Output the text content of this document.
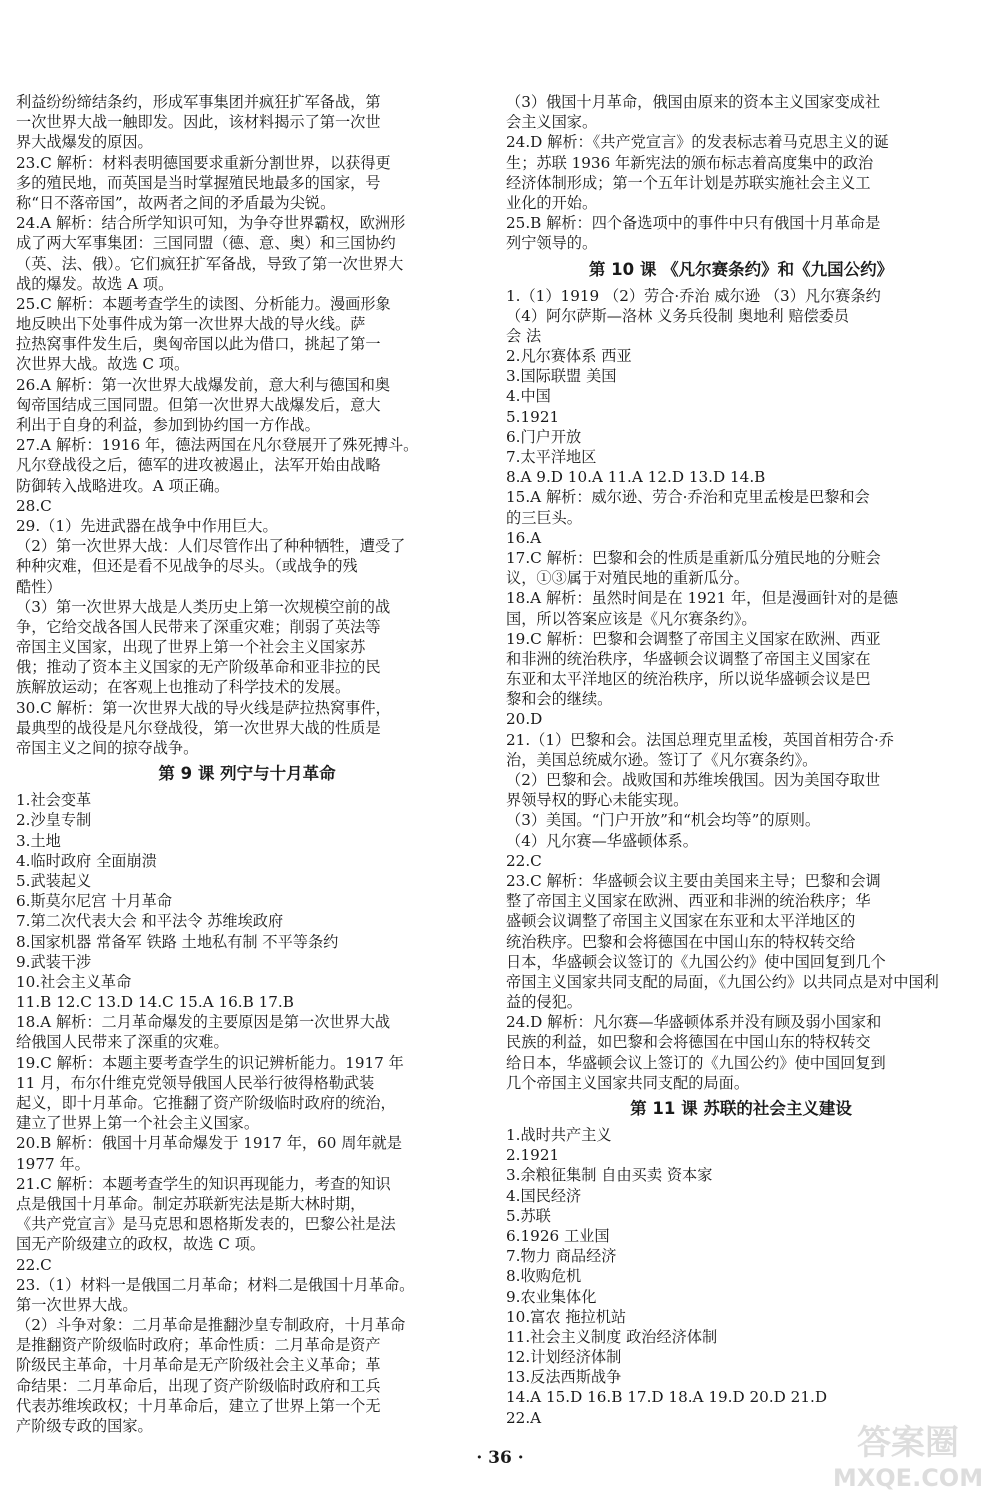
利益纷纷缔结条约，形成军事集团并疯狂扩军备战，第
一次世界大战一触即发。因此，该材料揭示了第一次世
界大战爆发的原因。
23.C 解析：材料表明德国要求重新分割世界，以获得更
多的殖民地，而英国是当时掌握殖民地最多的国家，号
称“日不落帝国”，故两者之间的矛盾最为尖锐。
24.A 解析：结合所学知识可知，为争夺世界霸权，欧洲形
成了两大军事集团：三国同盟（德、意、奥）和三国协约
（英、法、俄）。它们疯狂扩军备战，导致了第一次世界大
战的爆发。故选 A 项。
25.C 解析：本题考查学生的读图、分析能力。漫画形象
地反映出下处事件成为第一次世界大战的导火线。萨
拉热窝事件发生后，奥匈帝国以此为借口，挑起了第一
次世界大战。故选 C 项。
26.A 解析：第一次世界大战爆发前，意大利与德国和奥
匈帝国结成三国同盟。但第一次世界大战爆发后，意大
利出于自身的利益，参加到协约国一方作战。
27.A 解析：1916 年，德法两国在凡尔登展开了殊死搏斗。
凡尔登战役之后，德军的进攻被遏止，法军开始由战略
防御转入战略进攻。A 项正确。
28.C
29.（1）先进武器在战争中作用巨大。
（2）第一次世界大战：人们尽管作出了种种牺牲，遭受了
种种灾难，但还是看不见战争的尽头。（或战争的残
酷性）
（3）第一次世界大战是人类历史上第一次规模空前的战
争，它给交战各国人民带来了深重灾难；削弱了英法等
帝国主义国家，出现了世界上第一个社会主义国家苏
俄；推动了资本主义国家的无产阶级革命和亚非拉的民
族解放运动；在客观上也推动了科学技术的发展。
30.C 解析：第一次世界大战的导火线是萨拉热窝事件，
最典型的战役是凡尔登战役，第一次世界大战的性质是
帝国主义之间的掠夺战争。
第 9 课 列宁与十月革命
1.社会变革
2.沙皇专制
3.土地
4.临时政府 全面崩溃
5.武装起义
6.斯莫尔尼宫 十月革命
7.第二次代表大会 和平法令 苏维埃政府
8.国家机器 常备军 铁路 土地私有制 不平等条约
9.武装干涉
10.社会主义革命
11.B 12.C 13.D 14.C 15.A 16.B 17.B
18.A 解析：二月革命爆发的主要原因是第一次世界大战
给俄国人民带来了深重的灾难。
19.C 解析：本题主要考查学生的识记辨析能力。1917 年
11 月，布尔什维克党领导俄国人民举行彼得格勒武装
起义，即十月革命。它推翻了资产阶级临时政府的统治，
建立了世界上第一个社会主义国家。
20.B 解析：俄国十月革命爆发于 1917 年，60 周年就是
1977 年。
21.C 解析：本题考查学生的知识再现能力，考查的知识
点是俄国十月革命。制定苏联新宪法是斯大林时期，
《共产党宣言》是马克思和恩格斯发表的，巴黎公社是法
国无产阶级建立的政权，故选 C 项。
22.C
23.（1）材料一是俄国二月革命；材料二是俄国十月革命。
第一次世界大战。
（2）斗争对象：二月革命是推翻沙皇专制政府，十月革命
是推翻资产阶级临时政府；革命性质：二月革命是资产
阶级民主革命，十月革命是无产阶级社会主义革命；革
命结果：二月革命后，出现了资产阶级临时政府和工兵
代表苏维埃政权；十月革命后，建立了世界上第一个无
产阶级专政的国家。
（3）俄国十月革命，俄国由原来的资本主义国家变成社
会主义国家。
24.D 解析：《共产党宣言》的发表标志着马克思主义的诞
生；苏联 1936 年新宪法的颁布标志着高度集中的政治
经济体制形成；第一个五年计划是苏联实施社会主义工
业化的开始。
25.B 解析：四个备选项中的事件中只有俄国十月革命是
列宁领导的。
第 10 课 《凡尔赛条约》和《九国公约》
1.（1）1919 （2）劳合·乔治 威尔逊 （3）凡尔赛条约
（4）阿尔萨斯—洛林 义务兵役制 奥地利 赔偿委员
会 法
2.凡尔赛体系 西亚
3.国际联盟 美国
4.中国
5.1921
6.门户开放
7.太平洋地区
8.A 9.D 10.A 11.A 12.D 13.D 14.B
15.A 解析：威尔逊、劳合·乔治和克里孟梭是巴黎和会
的三巨头。
16.A
17.C 解析：巴黎和会的性质是重新瓜分殖民地的分赃会
议，①③属于对殖民地的重新瓜分。
18.A 解析：虽然时间是在 1921 年，但是漫画针对的是德
国，所以答案应该是《凡尔赛条约》。
19.C 解析：巴黎和会调整了帝国主义国家在欧洲、西亚
和非洲的统治秩序，华盛顿会议调整了帝国主义国家在
东亚和太平洋地区的统治秩序，所以说华盛顿会议是巴
黎和会的继续。
20.D
21.（1）巴黎和会。法国总理克里孟梭，英国首相劳合·乔
治，美国总统威尔逊。签订了《凡尔赛条约》。
（2）巴黎和会。战败国和苏维埃俄国。因为美国夺取世
界领导权的野心未能实现。
（3）美国。“门户开放”和“机会均等”的原则。
（4）凡尔赛—华盛顿体系。
22.C
23.C 解析：华盛顿会议主要由美国来主导；巴黎和会调
整了帝国主义国家在欧洲、西亚和非洲的统治秩序；华
盛顿会议调整了帝国主义国家在东亚和太平洋地区的
统治秩序。巴黎和会将德国在中国山东的特权转交给
日本，华盛顿会议签订的《九国公约》使中国回复到几个
帝国主义国家共同支配的局面，《九国公约》以共同点是对中国利
益的侵犯。
24.D 解析：凡尔赛—华盛顿体系并没有顾及弱小国家和
民族的利益，如巴黎和会将德国在中国山东的特权转交
给日本，华盛顿会议上签订的《九国公约》使中国回复到
几个帝国主义国家共同支配的局面。
第 11 课 苏联的社会主义建设
1.战时共产主义
2.1921
3.余粮征集制 自由买卖 资本家
4.国民经济
5.苏联
6.1926 工业国
7.物力 商品经济
8.收购危机
9.农业集体化
10.富农 拖拉机站
11.社会主义制度 政治经济体制
12.计划经济体制
13.反法西斯战争
14.A 15.D 16.B 17.D 18.A 19.D 20.D 21.D
22.A
· 36 ·	答案圈
MXQE.COM
